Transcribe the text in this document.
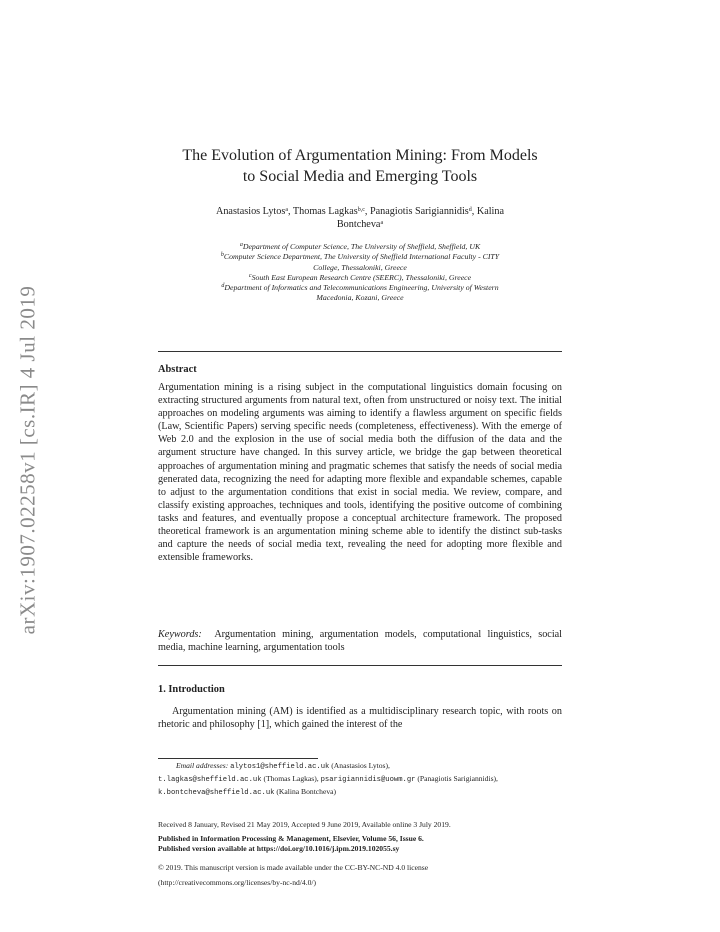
arXiv:1907.02258v1 [cs.IR] 4 Jul 2019
The Evolution of Argumentation Mining: From Models
to Social Media and Emerging Tools
Anastasios Lytos$^a$, Thomas Lagkas$^{b,c}$, Panagiotis Sarigiannidis$^d$, Kalina
Bontcheva$^a$
$^a$Department of Computer Science, The University of Sheffield, Sheffield, UK
$^b$Computer Science Department, The University of Sheffield International Faculty - CITY
College, Thessaloniki, Greece
$^c$South East European Research Centre (SEERC), Thessaloniki, Greece
$^d$Department of Informatics and Telecommunications Engineering, University of Western
Macedonia, Kozani, Greece
Abstract
Argumentation mining is a rising subject in the computational linguistics domain focusing on extracting structured arguments from natural text, often from unstructured or noisy text. The initial approaches on modeling arguments was aiming to identify a flawless argument on specific fields (Law, Scientific Papers) serving specific needs (completeness, effectiveness). With the emerge of Web 2.0 and the explosion in the use of social media both the diffusion of the data and the argument structure have changed. In this survey article, we bridge the gap between theoretical approaches of argumentation mining and pragmatic schemes that satisfy the needs of social media generated data, recognizing the need for adapting more flexible and expandable schemes, capable to adjust to the argumentation conditions that exist in social media. We review, compare, and classify existing approaches, techniques and tools, identifying the positive outcome of combining tasks and features, and eventually propose a conceptual architecture framework. The proposed theoretical framework is an argumentation mining scheme able to identify the distinct sub-tasks and capture the needs of social media text, revealing the need for adopting more flexible and extensible frameworks.
Keywords: Argumentation mining, argumentation models, computational linguistics, social media, machine learning, argumentation tools
1. Introduction
Argumentation mining (AM) is identified as a multidisciplinary research topic, with roots on rhetoric and philosophy [1], which gained the interest of the
Email addresses: alytos1@sheffield.ac.uk (Anastasios Lytos),
t.lagkas@sheffield.ac.uk (Thomas Lagkas), psarigiannidis@uowm.gr (Panagiotis Sarigiannidis), k.bontcheva@sheffield.ac.uk (Kalina Bontcheva)
Received 8 January, Revised 21 May 2019, Accepted 9 June 2019, Available online 3 July 2019.
Published in Information Processing & Management, Elsevier, Volume 56, Issue 6.
Published version available at https://doi.org/10.1016/j.ipm.2019.102055.sy
© 2019. This manuscript version is made available under the CC-BY-NC-ND 4.0 license
(http://creativecommons.org/licenses/by-nc-nd/4.0/)
